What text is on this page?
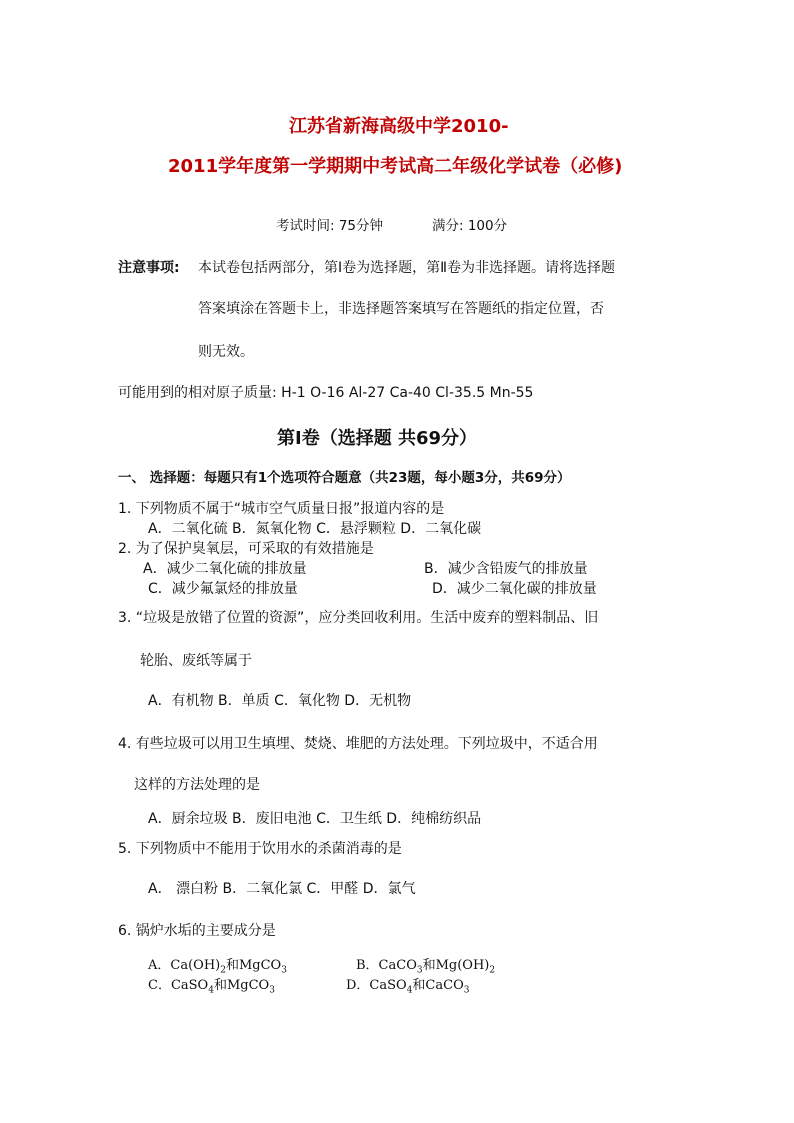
江苏省新海高级中学2010-
2011学年度第一学期期中考试高二年级化学试卷（必修)
考试时间: 75分钟	满分: 100分
注意事项: 本试卷包括两部分，第Ⅰ卷为选择题，第Ⅱ卷为非选择题。请将选择题
答案填涂在答题卡上，非选择题答案填写在答题纸的指定位置，否
则无效。
可能用到的相对原子质量: H-1 O-16 Al-27 Ca-40 Cl-35.5 Mn-55
第Ⅰ卷（选择题 共69分）
一、 选择题：每题只有1个选项符合题意（共23题，每小题3分，共69分）
1. 下列物质不属于“城市空气质量日报”报道内容的是
A．二氧化硫 B．氮氧化物 C．悬浮颗粒 D．二氧化碳
2. 为了保护臭氧层，可采取的有效措施是
A．减少二氧化硫的排放量	B．减少含铅废气的排放量
C．减少氟氯烃的排放量	D．减少二氧化碳的排放量
3. “垃圾是放错了位置的资源”，应分类回收利用。生活中废弃的塑料制品、旧
轮胎、废纸等属于
A．有机物 B．单质 C．氧化物 D．无机物
4. 有些垃圾可以用卫生填埋、焚烧、堆肥的方法处理。下列垃圾中，不适合用
这样的方法处理的是
A．厨余垃圾 B．废旧电池 C．卫生纸 D．纯棉纺织品
5. 下列物质中不能用于饮用水的杀菌消毒的是
A． 漂白粉 B．二氧化氯 C．甲醛 D．氯气
6. 锅炉水垢的主要成分是
A．$Ca(OH)_2$和MgCO$_3$	B．CaCO$_3$和$Mg(OH)_2$
C．CaSO$_4$和MgCO$_3$	D．CaSO$_4$和CaCO$_3$
